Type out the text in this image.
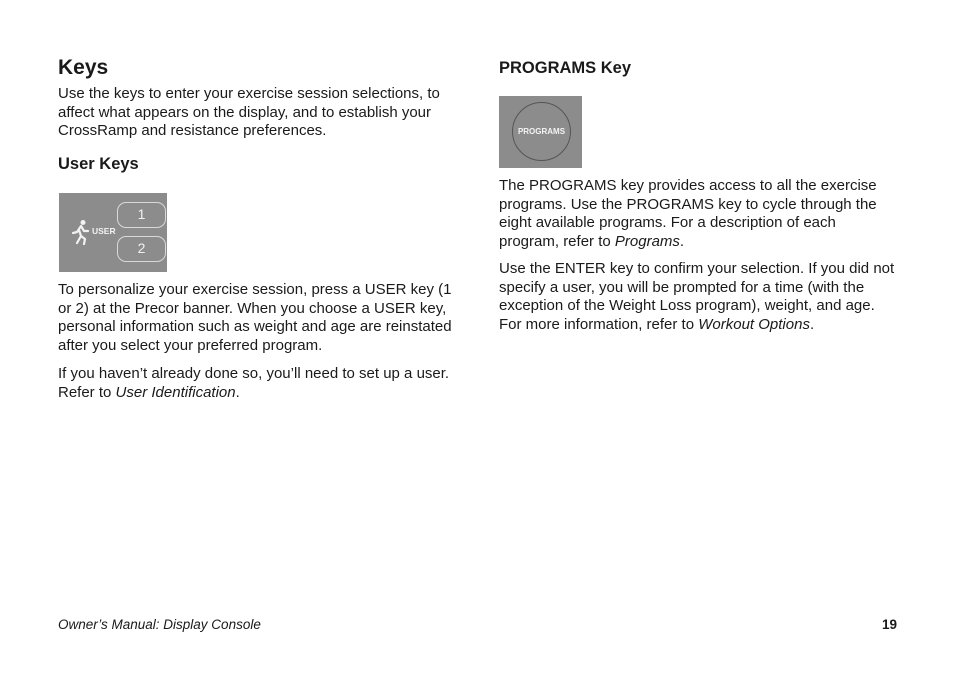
Keys

Use the keys to enter your exercise session selections, to affect what appears on the display, and to establish your CrossRamp and resistance preferences.

User Keys
USER
1
2

To personalize your exercise session, press a USER key (1 or 2) at the Precor banner. When you choose a USER key, personal information such as weight and age are reinstated after you select your preferred program.

If you haven’t already done so, you’ll need to set up a user. Refer to User Identification.

PROGRAMS Key
PROGRAMS

The PROGRAMS key provides access to all the exercise programs. Use the PROGRAMS key to cycle through the eight available programs. For a description of each program, refer to Programs.

Use the ENTER key to confirm your selection. If you did not specify a user, you will be prompted for a time (with the exception of the Weight Loss program), weight, and age. For more information, refer to Workout Options.

Owner’s Manual: Display Console	19
